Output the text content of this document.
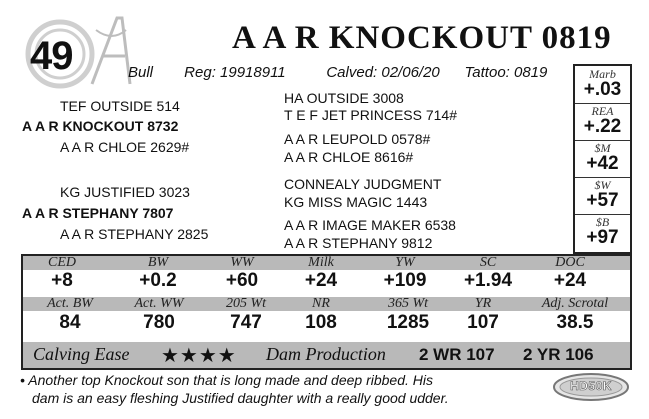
49	A A R KNOCKOUT 0819
Bull Reg: 19918911	Calved: 02/06/20 Tattoo: 0819
TEF OUTSIDE 514
A A R KNOCKOUT 8732
A A R CHLOE 2629#
KG JUSTIFIED 3023
A A R STEPHANY 7807
A A R STEPHANY 2825
HA OUTSIDE 3008
T E F JET PRINCESS 714#
A A R LEUPOLD 0578#
A A R CHLOE 8616#
CONNEALY JUDGMENT
KG MISS MAGIC 1443
A A R IMAGE MAKER 6538
A A R STEPHANY 9812
Marb
+.03
REA
+.22
$M
+42
$W
+57
$B
+97
CED	BW	WW	Milk	YW	SC	DOC
+8	+0.2	+60	+24	+109	+1.94	+24
Act. BW	Act. WW	205 Wt	NR	365 Wt	YR	Adj. Scrotal
84	780	747	108	1285	107	38.5
Calving Ease ★★★★ Dam Production 2 WR 107 2 YR 106
• Another top Knockout son that is long made and deep ribbed. His
dam is an easy fleshing Justified daughter with a really good udder.
HD50K
